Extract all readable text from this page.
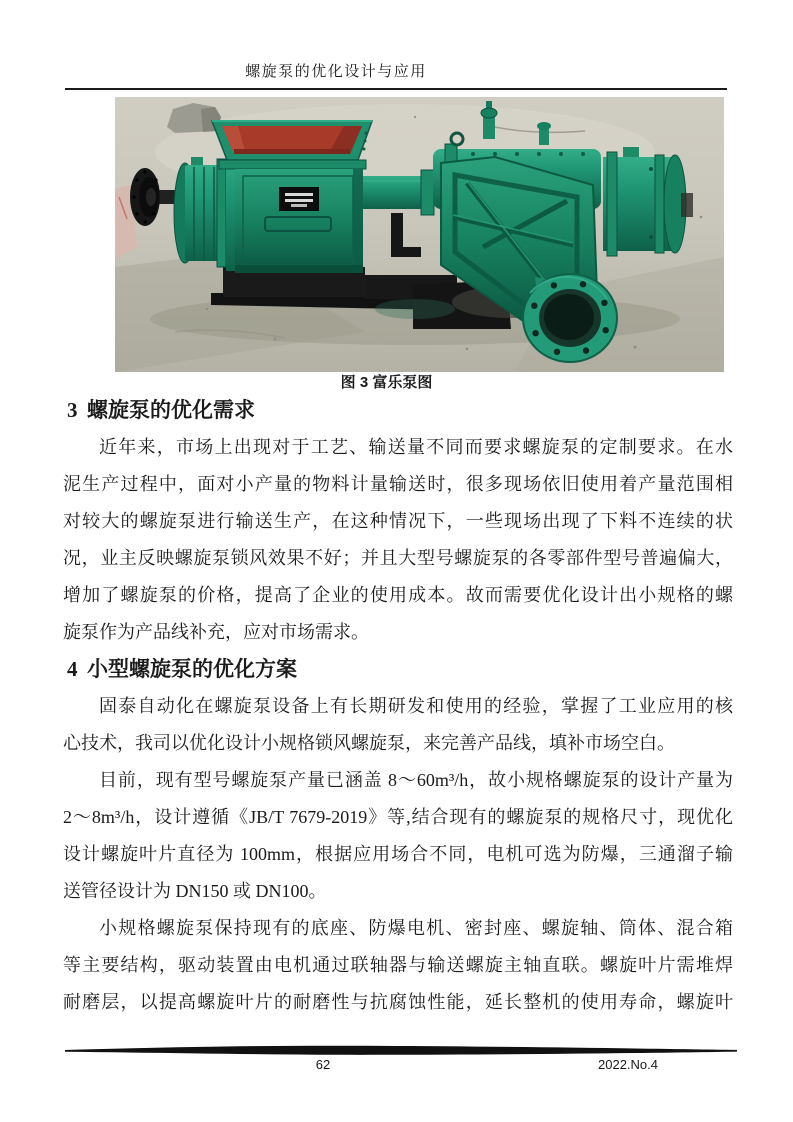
螺旋泵的优化设计与应用
图 3 富乐泵图
3 螺旋泵的优化需求
近年来，市场上出现对于工艺、输送量不同而要求螺旋泵的定制要求。在水
泥生产过程中，面对小产量的物料计量输送时，很多现场依旧使用着产量范围相
对较大的螺旋泵进行输送生产，在这种情况下，一些现场出现了下料不连续的状
况，业主反映螺旋泵锁风效果不好；并且大型号螺旋泵的各零部件型号普遍偏大，
增加了螺旋泵的价格，提高了企业的使用成本。故而需要优化设计出小规格的螺
旋泵作为产品线补充，应对市场需求。
4 小型螺旋泵的优化方案
固泰自动化在螺旋泵设备上有长期研发和使用的经验，掌握了工业应用的核
心技术，我司以优化设计小规格锁风螺旋泵，来完善产品线，填补市场空白。
目前，现有型号螺旋泵产量已涵盖 8～60m³/h，故小规格螺旋泵的设计产量为
2～8m³/h，设计遵循《JB/T 7679-2019》等,结合现有的螺旋泵的规格尺寸，现优化
设计螺旋叶片直径为 100mm，根据应用场合不同，电机可选为防爆，三通溜子输
送管径设计为 DN150 或 DN100。
小规格螺旋泵保持现有的底座、防爆电机、密封座、螺旋轴、筒体、混合箱
等主要结构，驱动装置由电机通过联轴器与输送螺旋主轴直联。螺旋叶片需堆焊
耐磨层，以提高螺旋叶片的耐磨性与抗腐蚀性能，延长整机的使用寿命，螺旋叶
62	2022.No.4
